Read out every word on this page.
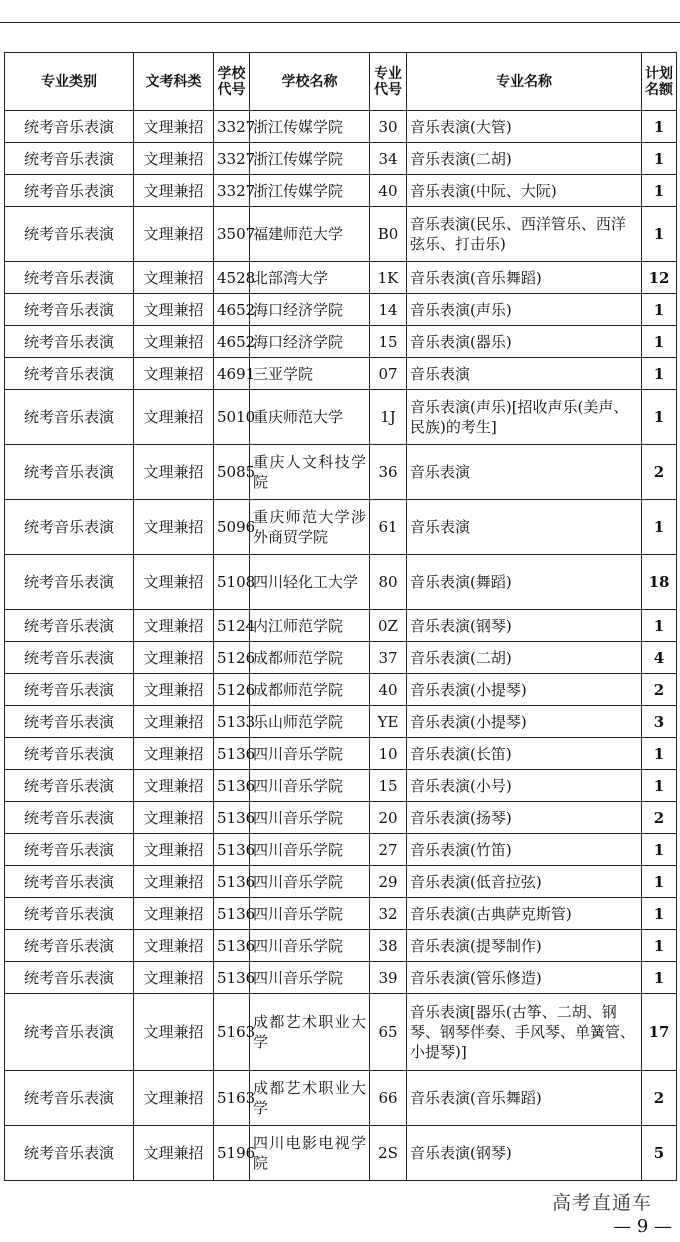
专业类别	文考科类	学校代号	学校名称	专业代号	专业名称	计划名额
统考音乐表演	文理兼招	3327	浙江传媒学院	30	音乐表演(大管)	1
统考音乐表演	文理兼招	3327	浙江传媒学院	34	音乐表演(二胡)	1
统考音乐表演	文理兼招	3327	浙江传媒学院	40	音乐表演(中阮、大阮)	1
统考音乐表演	文理兼招	3507	福建师范大学	B0	音乐表演(民乐、西洋管乐、西洋弦乐、打击乐)	1
统考音乐表演	文理兼招	4528	北部湾大学	1K	音乐表演(音乐舞蹈)	12
统考音乐表演	文理兼招	4652	海口经济学院	14	音乐表演(声乐)	1
统考音乐表演	文理兼招	4652	海口经济学院	15	音乐表演(器乐)	1
统考音乐表演	文理兼招	4691	三亚学院	07	音乐表演	1
统考音乐表演	文理兼招	5010	重庆师范大学	1J	音乐表演(声乐)[招收声乐(美声、民族)的考生]	1
统考音乐表演	文理兼招	5085	重庆人文科技学院	36	音乐表演	2
统考音乐表演	文理兼招	5096	重庆师范大学涉外商贸学院	61	音乐表演	1
统考音乐表演	文理兼招	5108	四川轻化工大学	80	音乐表演(舞蹈)	18
统考音乐表演	文理兼招	5124	内江师范学院	0Z	音乐表演(钢琴)	1
统考音乐表演	文理兼招	5126	成都师范学院	37	音乐表演(二胡)	4
统考音乐表演	文理兼招	5126	成都师范学院	40	音乐表演(小提琴)	2
统考音乐表演	文理兼招	5133	乐山师范学院	YE	音乐表演(小提琴)	3
统考音乐表演	文理兼招	5136	四川音乐学院	10	音乐表演(长笛)	1
统考音乐表演	文理兼招	5136	四川音乐学院	15	音乐表演(小号)	1
统考音乐表演	文理兼招	5136	四川音乐学院	20	音乐表演(扬琴)	2
统考音乐表演	文理兼招	5136	四川音乐学院	27	音乐表演(竹笛)	1
统考音乐表演	文理兼招	5136	四川音乐学院	29	音乐表演(低音拉弦)	1
统考音乐表演	文理兼招	5136	四川音乐学院	32	音乐表演(古典萨克斯管)	1
统考音乐表演	文理兼招	5136	四川音乐学院	38	音乐表演(提琴制作)	1
统考音乐表演	文理兼招	5136	四川音乐学院	39	音乐表演(管乐修造)	1
统考音乐表演	文理兼招	5163	成都艺术职业大学	65	音乐表演[器乐(古筝、二胡、钢琴、钢琴伴奏、手风琴、单簧管、小提琴)]	17
统考音乐表演	文理兼招	5163	成都艺术职业大学	66	音乐表演(音乐舞蹈)	2
统考音乐表演	文理兼招	5196	四川电影电视学院	2S	音乐表演(钢琴)	5
高考直通车
— 9 —
